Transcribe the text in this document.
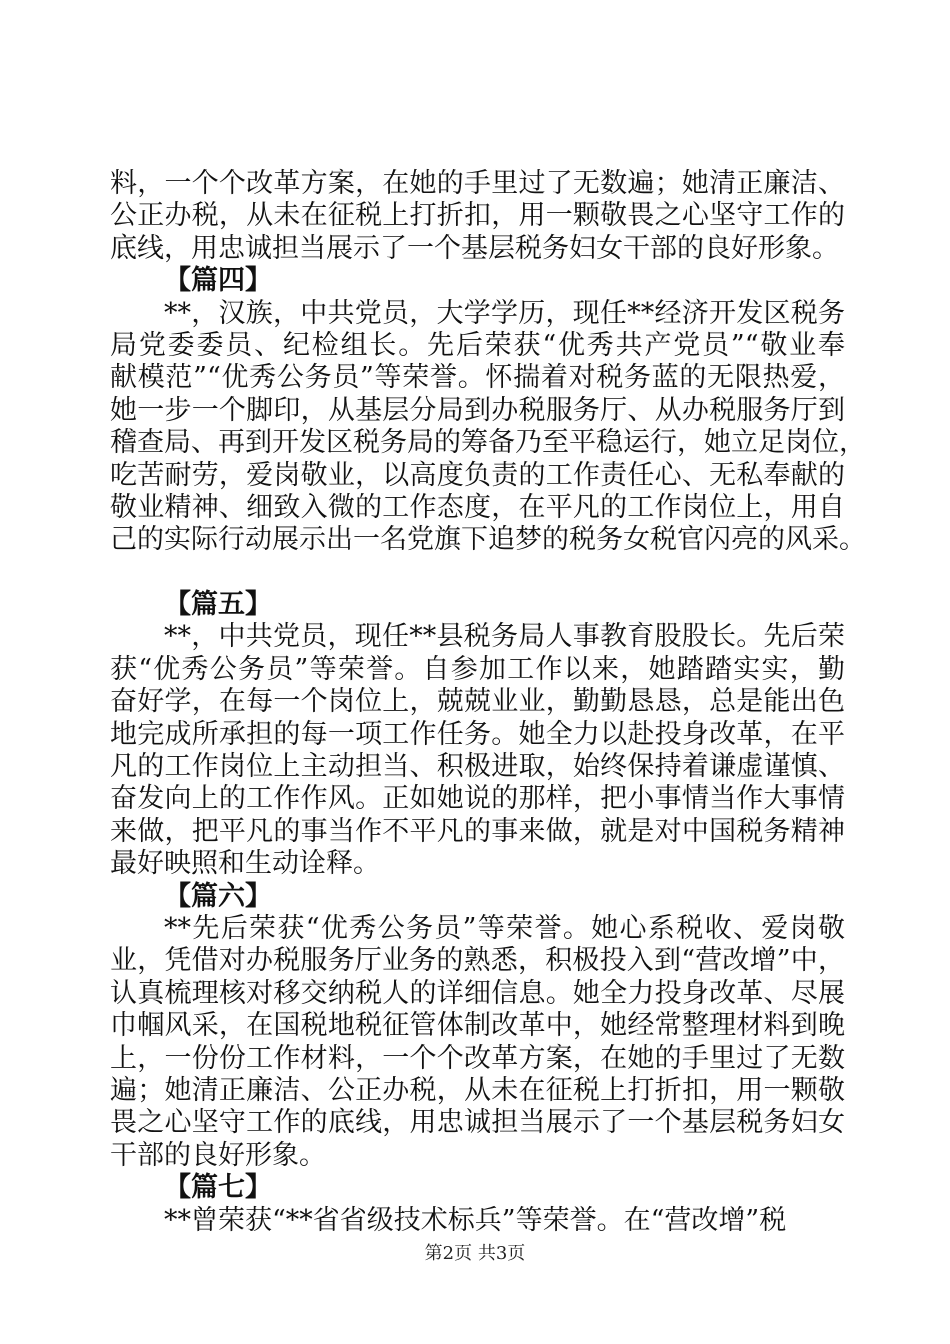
料，一个个改革方案，在她的手里过了无数遍；她清正廉洁、
公正办税，从未在征税上打折扣，用一颗敬畏之心坚守工作的
底线，用忠诚担当展示了一个基层税务妇女干部的良好形象。
【篇四】
**，汉族，中共党员，大学学历，现任**经济开发区税务
局党委委员、纪检组长。先后荣获“优秀共产党员”“敬业奉
献模范”“优秀公务员”等荣誉。怀揣着对税务蓝的无限热爱，
她一步一个脚印，从基层分局到办税服务厅、从办税服务厅到
稽查局、再到开发区税务局的筹备乃至平稳运行，她立足岗位，
吃苦耐劳，爱岗敬业，以高度负责的工作责任心、无私奉献的
敬业精神、细致入微的工作态度，在平凡的工作岗位上，用自
己的实际行动展示出一名党旗下追梦的税务女税官闪亮的风采。
【篇五】
**，中共党员，现任**县税务局人事教育股股长。先后荣
获“优秀公务员”等荣誉。自参加工作以来，她踏踏实实，勤
奋好学，在每一个岗位上，兢兢业业，勤勤恳恳，总是能出色
地完成所承担的每一项工作任务。她全力以赴投身改革，在平
凡的工作岗位上主动担当、积极进取，始终保持着谦虚谨慎、
奋发向上的工作作风。正如她说的那样，把小事情当作大事情
来做，把平凡的事当作不平凡的事来做，就是对中国税务精神
最好映照和生动诠释。
【篇六】
**先后荣获“优秀公务员”等荣誉。她心系税收、爱岗敬
业，凭借对办税服务厅业务的熟悉，积极投入到“营改增”中，
认真梳理核对移交纳税人的详细信息。她全力投身改革、尽展
巾帼风采，在国税地税征管体制改革中，她经常整理材料到晚
上，一份份工作材料，一个个改革方案，在她的手里过了无数
遍；她清正廉洁、公正办税，从未在征税上打折扣，用一颗敬
畏之心坚守工作的底线，用忠诚担当展示了一个基层税务妇女
干部的良好形象。
【篇七】
**曾荣获“**省省级技术标兵”等荣誉。在“营改增”税
第2页 共3页
